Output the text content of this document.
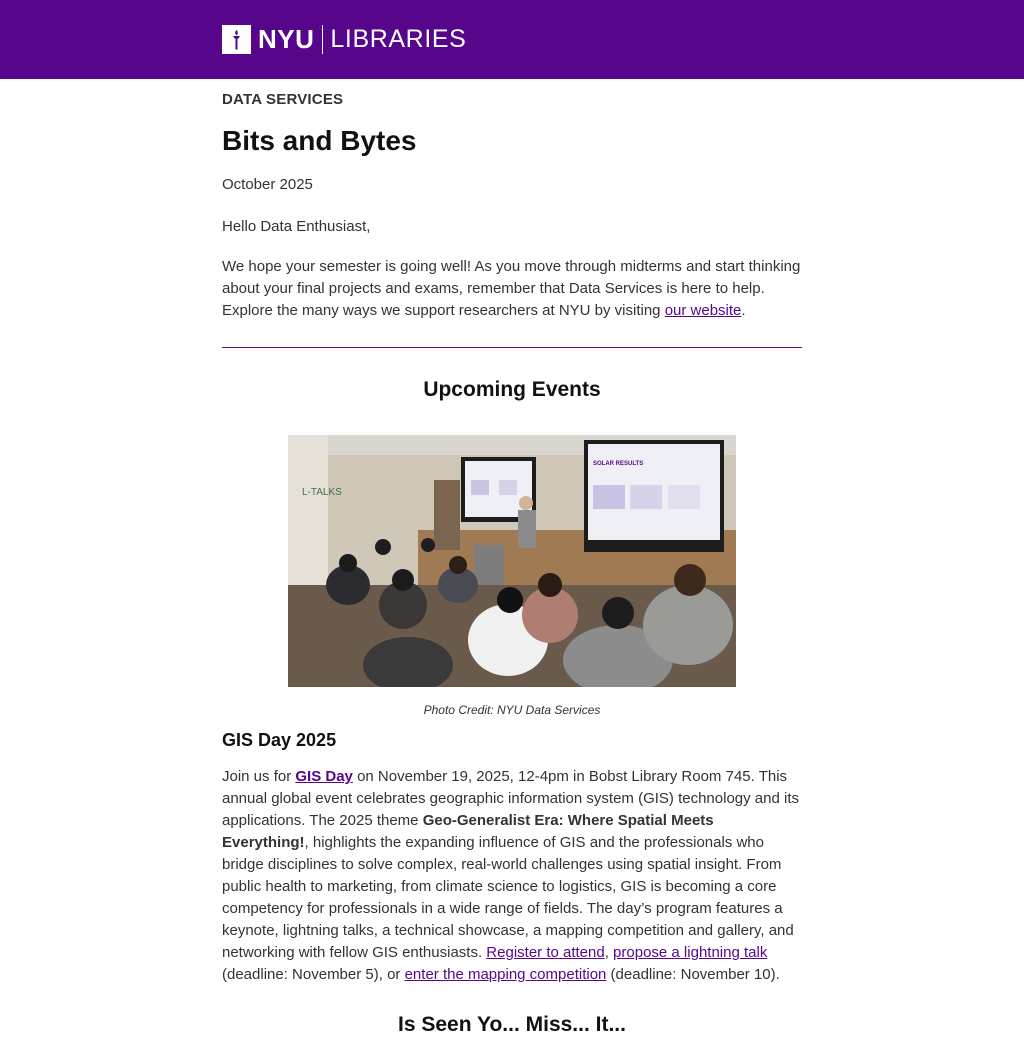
NYU LIBRARIES
DATA SERVICES
Bits and Bytes
October 2025
Hello Data Enthusiast,

We hope your semester is going well! As you move through midterms and start thinking about your final projects and exams, remember that Data Services is here to help. Explore the many ways we support researchers at NYU by visiting our website.

Upcoming Events
SOLAR RESULTS
L-TALKS
Photo Credit: NYU Data Services
GIS Day 2025

Join us for GIS Day on November 19, 2025, 12-4pm in Bobst Library Room 745. This annual global event celebrates geographic information system (GIS) technology and its applications. The 2025 theme Geo-Generalist Era: Where Spatial Meets Everything!, highlights the expanding influence of GIS and the professionals who bridge disciplines to solve complex, real-world challenges using spatial insight. From public health to marketing, from climate science to logistics, GIS is becoming a core competency for professionals in a wide range of fields. The day’s program features a keynote, lightning talks, a technical showcase, a mapping competition and gallery, and networking with fellow GIS enthusiasts. Register to attend, propose a lightning talk (deadline: November 5), or enter the mapping competition (deadline: November 10).

Is Seen Yo... Miss... It...
